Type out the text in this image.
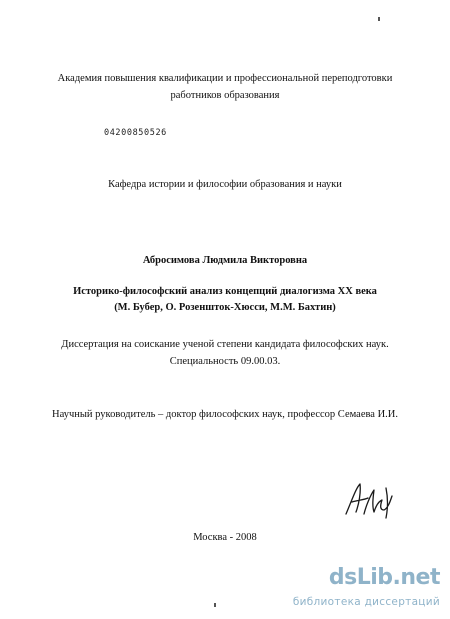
Академия повышения квалификации и профессиональной переподготовки
работников образования
04200850526
Кафедра истории и философии образования и науки
Абросимова Людмила Викторовна
Историко-философский анализ концепций диалогизма XX века
(М. Бубер, О. Розеншток-Хюсси, М.М. Бахтин)
Диссертация на соискание ученой степени кандидата философских наук.
Специальность 09.00.03.
Научный руководитель – доктор философских наук, профессор Семаева И.И.
Москва - 2008
dsLib.net
библиотека диссертаций
